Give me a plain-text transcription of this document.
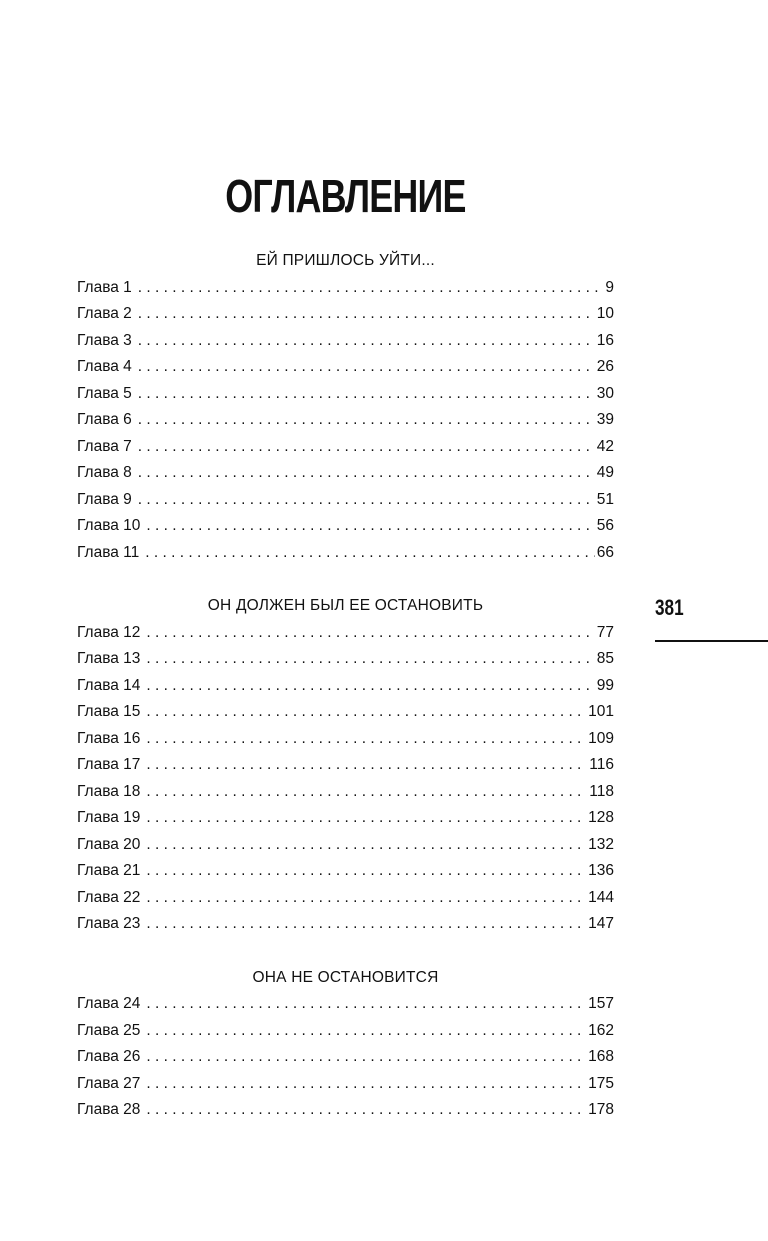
ОГЛАВЛЕНИЕ
ЕЙ ПРИШЛОСЬ УЙТИ...
Глава 1 . . .	9
Глава 2 . . .	10
Глава 3 . . .	16
Глава 4 . . .	26
Глава 5 . . .	30
Глава 6 . . .	39
Глава 7 . . .	42
Глава 8 . . .	49
Глава 9 . . .	51
Глава 10 . . .	56
Глава 11 . . .	66
ОН ДОЛЖЕН БЫЛ ЕЕ ОСТАНОВИТЬ
Глава 12 . . .	77
Глава 13 . . .	85
Глава 14 . . .	99
Глава 15 . . .	101
Глава 16 . . .	109
Глава 17 . . .	116
Глава 18 . . .	118
Глава 19 . . .	128
Глава 20 . . .	132
Глава 21 . . .	136
Глава 22 . . .	144
Глава 23 . . .	147
ОНА НЕ ОСТАНОВИТСЯ
Глава 24 . . .	157
Глава 25 . . .	162
Глава 26 . . .	168
Глава 27 . . .	175
Глава 28 . . .	178
381
